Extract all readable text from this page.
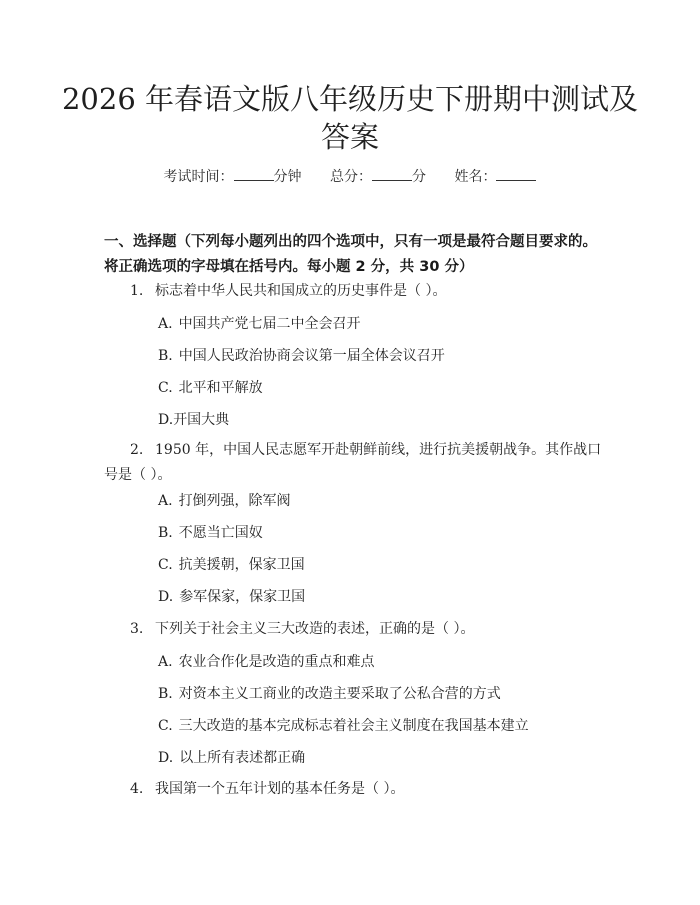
2026 年春语文版八年级历史下册期中测试及
答案
考试时间：	分钟 总分：	分 姓名：
一、选择题（下列每小题列出的四个选项中，只有一项是最符合题目要求的。将正确选项的字母填在括号内。每小题 2 分，共 30 分）
1. 标志着中华人民共和国成立的历史事件是（ ）。
A. 中国共产党七届二中全会召开
B. 中国人民政治协商会议第一届全体会议召开
C. 北平和平解放
D.开国大典
2. 1950 年，中国人民志愿军开赴朝鲜前线，进行抗美援朝战争。其作战口号是（ ）。
A. 打倒列强，除军阀
B. 不愿当亡国奴
C. 抗美援朝，保家卫国
D. 参军保家，保家卫国
3. 下列关于社会主义三大改造的表述，正确的是（ ）。
A. 农业合作化是改造的重点和难点
B. 对资本主义工商业的改造主要采取了公私合营的方式
C. 三大改造的基本完成标志着社会主义制度在我国基本建立
D. 以上所有表述都正确
4. 我国第一个五年计划的基本任务是（ ）。
